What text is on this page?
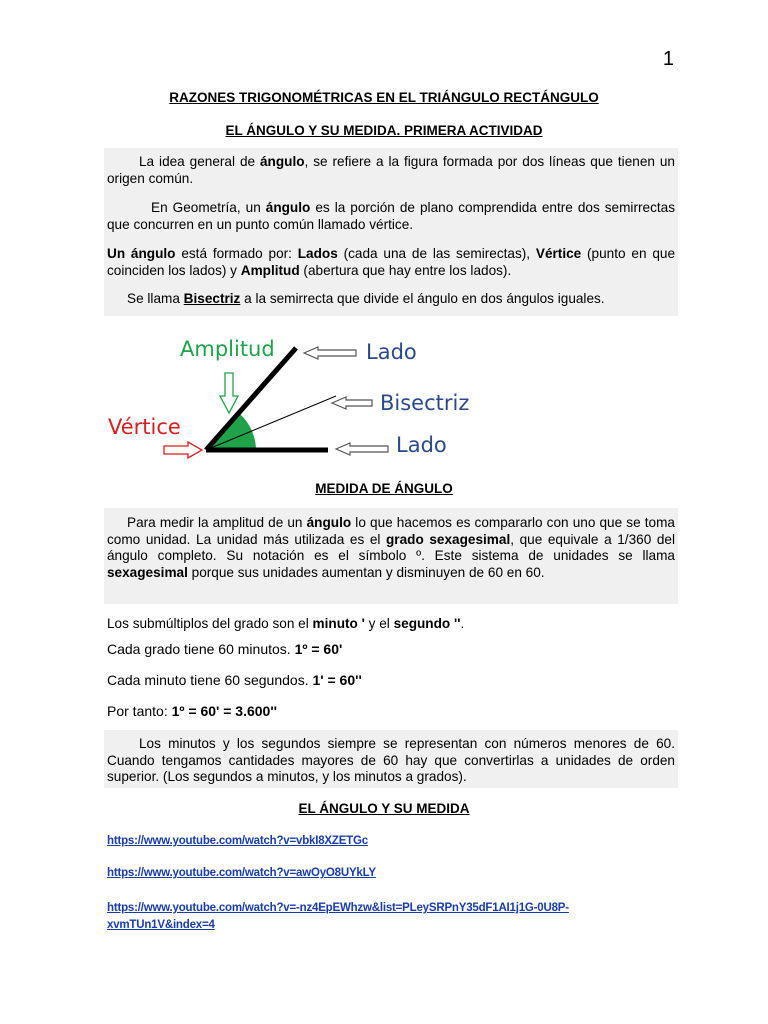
1
RAZONES TRIGONOMÉTRICAS EN EL TRIÁNGULO RECTÁNGULO
EL ÁNGULO Y SU MEDIDA. PRIMERA ACTIVIDAD
La idea general de ángulo, se refiere a la figura formada por dos líneas que tienen un origen común.
En Geometría, un ángulo es la porción de plano comprendida entre dos semirrectas que concurren en un punto común llamado vértice.
Un ángulo está formado por: Lados (cada una de las semirectas), Vértice (punto en que coinciden los lados) y Amplitud (abertura que hay entre los lados).
Se llama Bisectriz a la semirrecta que divide el ángulo en dos ángulos iguales.
Amplitud
Vértice
Lado
Bisectriz
Lado
MEDIDA DE ÁNGULO
Para medir la amplitud de un ángulo lo que hacemos es compararlo con uno que se toma como unidad. La unidad más utilizada es el grado sexagesimal, que equivale a 1/360 del ángulo completo. Su notación es el símbolo º. Este sistema de unidades se llama sexagesimal porque sus unidades aumentan y disminuyen de 60 en 60.
Los submúltiplos del grado son el minuto ' y el segundo ''.
Cada grado tiene 60 minutos. 1º = 60'
Cada minuto tiene 60 segundos. 1' = 60''
Por tanto: 1º = 60' = 3.600''
Los minutos y los segundos siempre se representan con números menores de 60. Cuando tengamos cantidades mayores de 60 hay que convertirlas a unidades de orden superior. (Los segundos a minutos, y los minutos a grados).
EL ÁNGULO Y SU MEDIDA
https://www.youtube.com/watch?v=vbkI8XZETGc
https://www.youtube.com/watch?v=awOyO8UYkLY
https://www.youtube.com/watch?v=-nz4EpEWhzw&list=PLeySRPnY35dF1AI1j1G-0U8P-
xvmTUn1V&index=4
